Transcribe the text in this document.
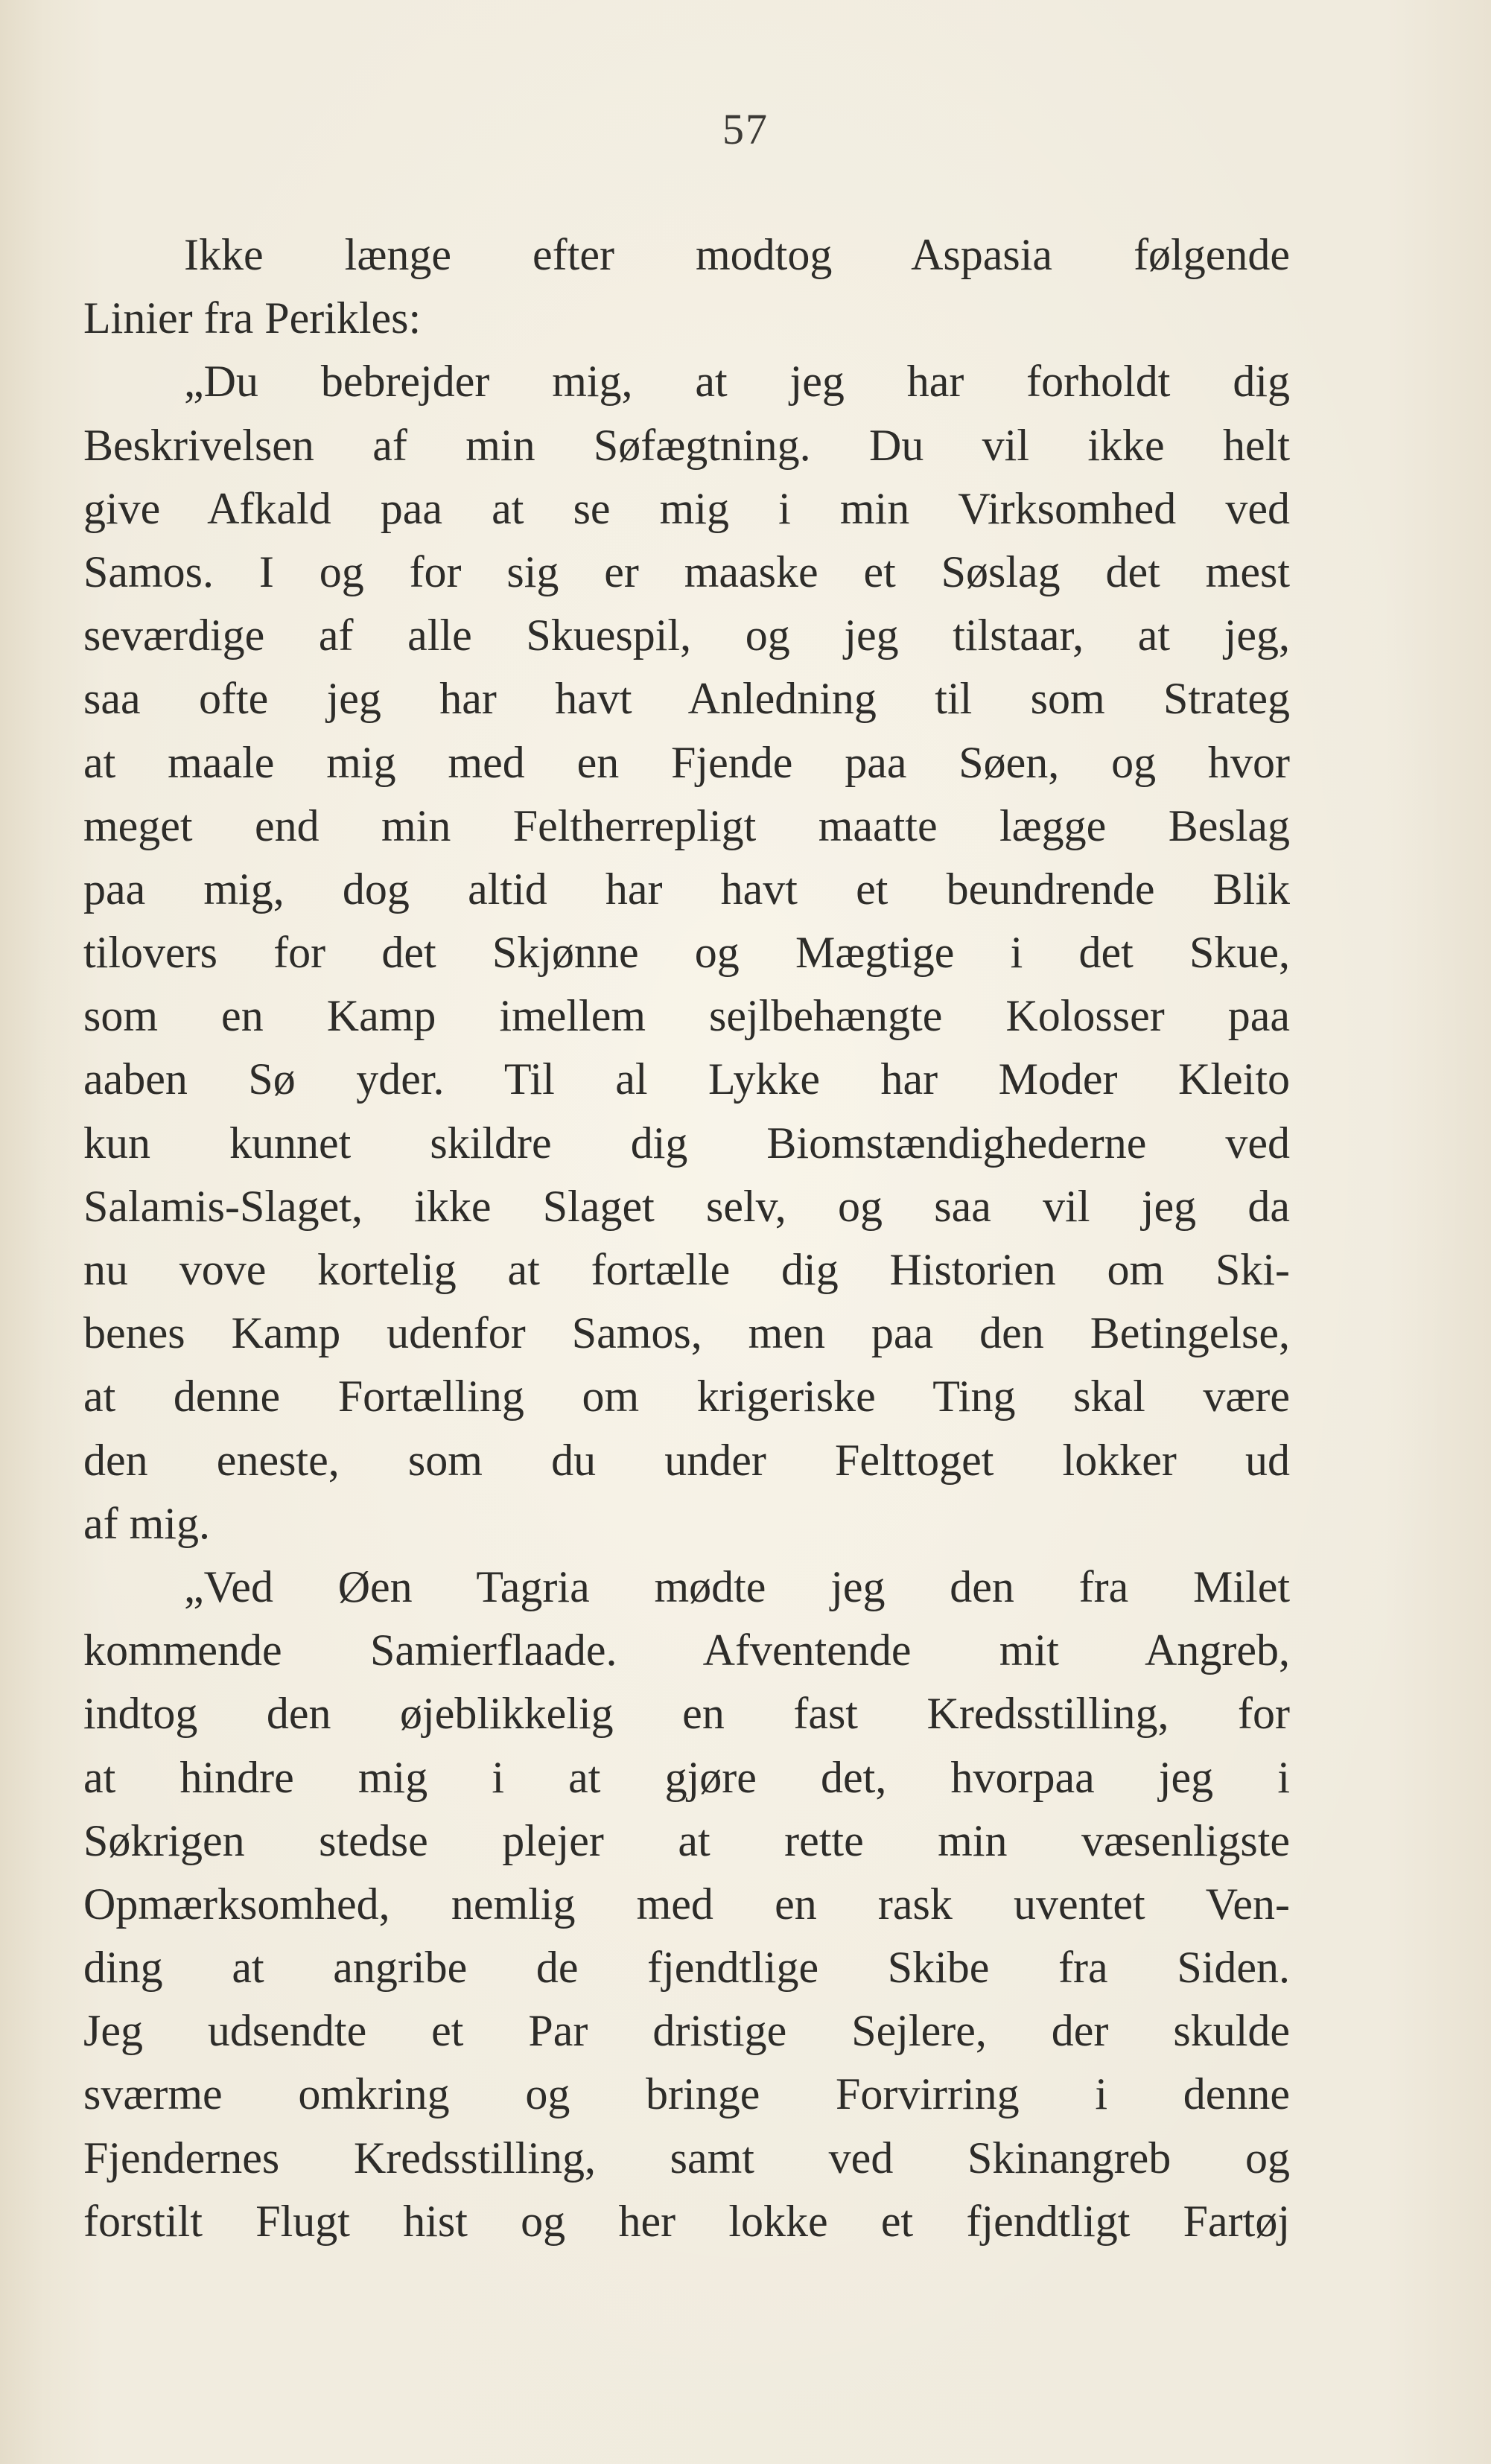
57
Ikke længe efter modtog Aspasia følgende
Linier fra Perikles:
„Du bebrejder mig, at jeg har forholdt dig
Beskrivelsen af min Søfægtning. Du vil ikke helt
give Afkald paa at se mig i min Virksomhed ved
Samos. I og for sig er maaske et Søslag det mest
seværdige af alle Skuespil, og jeg tilstaar, at jeg,
saa ofte jeg har havt Anledning til som Strateg
at maale mig med en Fjende paa Søen, og hvor
meget end min Feltherrepligt maatte lægge Beslag
paa mig, dog altid har havt et beundrende Blik
tilovers for det Skjønne og Mægtige i det Skue,
som en Kamp imellem sejlbehængte Kolosser paa
aaben Sø yder. Til al Lykke har Moder Kleito
kun kunnet skildre dig Biomstændighederne ved
Salamis-Slaget, ikke Slaget selv, og saa vil jeg da
nu vove kortelig at fortælle dig Historien om Ski-
benes Kamp udenfor Samos, men paa den Betingelse,
at denne Fortælling om krigeriske Ting skal være
den eneste, som du under Felttoget lokker ud
af mig.
„Ved Øen Tagria mødte jeg den fra Milet
kommende Samierflaade. Afventende mit Angreb,
indtog den øjeblikkelig en fast Kredsstilling, for
at hindre mig i at gjøre det, hvorpaa jeg i
Søkrigen stedse plejer at rette min væsenligste
Opmærksomhed, nemlig med en rask uventet Ven-
ding at angribe de fjendtlige Skibe fra Siden.
Jeg udsendte et Par dristige Sejlere, der skulde
sværme omkring og bringe Forvirring i denne
Fjendernes Kredsstilling, samt ved Skinangreb og
forstilt Flugt hist og her lokke et fjendtligt Fartøj
